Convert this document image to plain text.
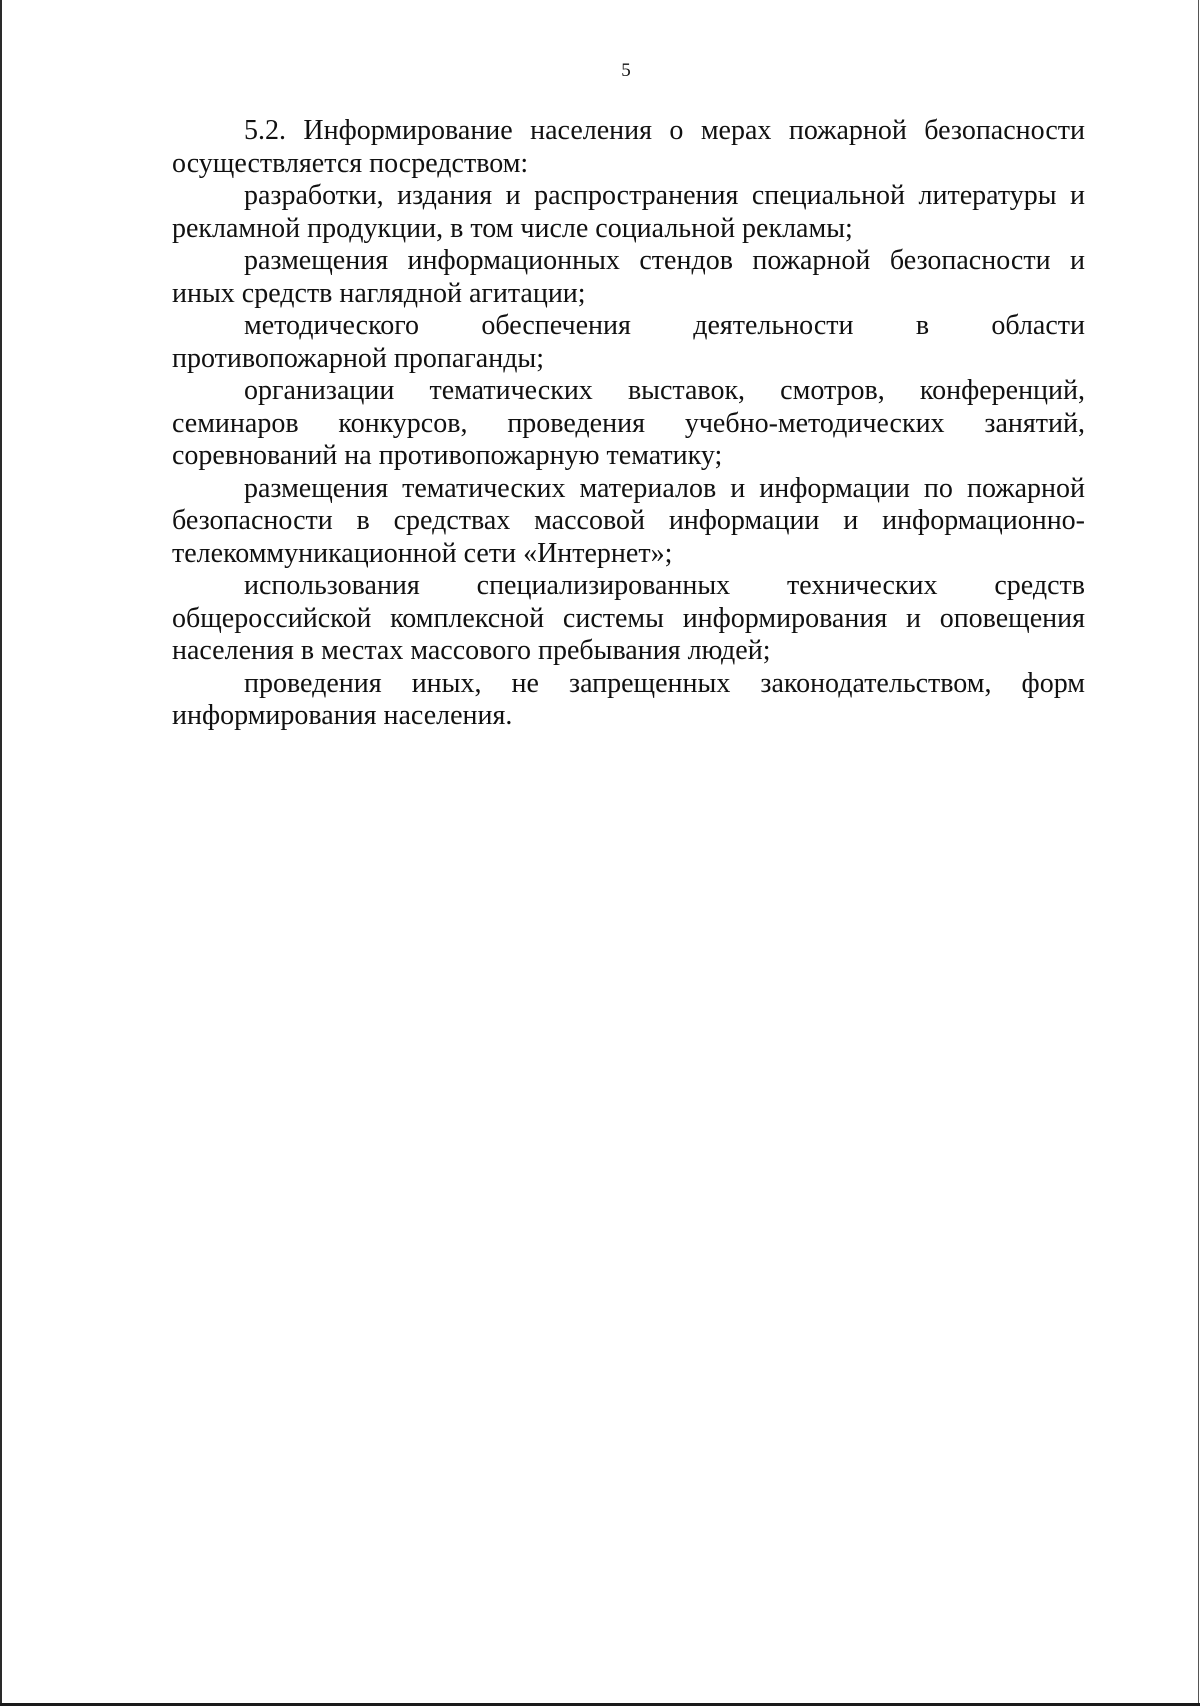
5

5.2. Информирование населения о мерах пожарной безопасности осуществляется посредством:

разработки, издания и распространения специальной литературы и рекламной продукции, в том числе социальной рекламы;

размещения информационных стендов пожарной безопасности и иных средств наглядной агитации;

методического обеспечения деятельности в области противопожарной пропаганды;

организации тематических выставок, смотров, конференций, семинаров конкурсов, проведения учебно-методических занятий, соревнований на противопожарную тематику;

размещения тематических материалов и информации по пожарной безопасности в средствах массовой информации и информационно-телекоммуникационной сети «Интернет»;

использования специализированных технических средств общероссийской комплексной системы информирования и оповещения населения в местах массового пребывания людей;

проведения иных, не запрещенных законодательством, форм информирования населения.
